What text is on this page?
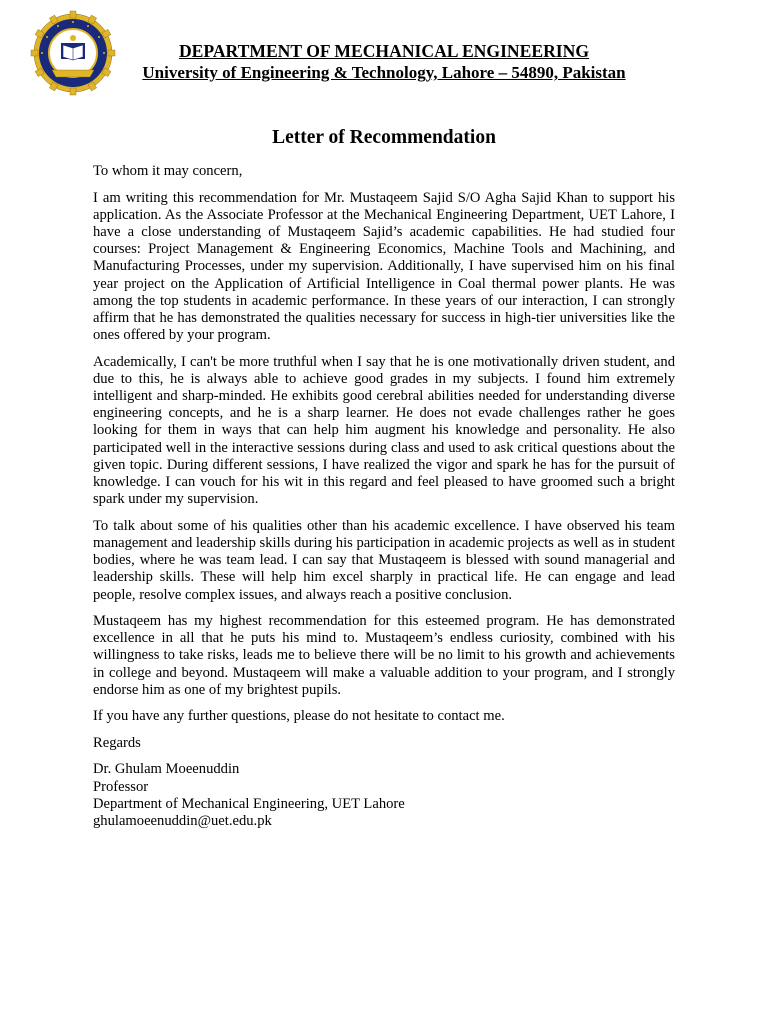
DEPARTMENT OF MECHANICAL ENGINEERING
University of Engineering & Technology, Lahore – 54890, Pakistan
Letter of Recommendation

To whom it may concern,

I am writing this recommendation for Mr. Mustaqeem Sajid S/O Agha Sajid Khan to support his application. As the Associate Professor at the Mechanical Engineering Department, UET Lahore, I have a close understanding of Mustaqeem Sajid’s academic capabilities. He had studied four courses: Project Management & Engineering Economics, Machine Tools and Machining, and Manufacturing Processes, under my supervision. Additionally, I have supervised him on his final year project on the Application of Artificial Intelligence in Coal thermal power plants. He was among the top students in academic performance. In these years of our interaction, I can strongly affirm that he has demonstrated the qualities necessary for success in high-tier universities like the ones offered by your program.

Academically, I can't be more truthful when I say that he is one motivationally driven student, and due to this, he is always able to achieve good grades in my subjects. I found him extremely intelligent and sharp-minded. He exhibits good cerebral abilities needed for understanding diverse engineering concepts, and he is a sharp learner. He does not evade challenges rather he goes looking for them in ways that can help him augment his knowledge and personality. He also participated well in the interactive sessions during class and used to ask critical questions about the given topic. During different sessions, I have realized the vigor and spark he has for the pursuit of knowledge. I can vouch for his wit in this regard and feel pleased to have groomed such a bright spark under my supervision.

To talk about some of his qualities other than his academic excellence. I have observed his team management and leadership skills during his participation in academic projects as well as in student bodies, where he was team lead. I can say that Mustaqeem is blessed with sound managerial and leadership skills. These will help him excel sharply in practical life. He can engage and lead people, resolve complex issues, and always reach a positive conclusion.

Mustaqeem has my highest recommendation for this esteemed program. He has demonstrated excellence in all that he puts his mind to. Mustaqeem’s endless curiosity, combined with his willingness to take risks, leads me to believe there will be no limit to his growth and achievements in college and beyond. Mustaqeem will make a valuable addition to your program, and I strongly endorse him as one of my brightest pupils.

If you have any further questions, please do not hesitate to contact me.

Regards

Dr. Ghulam Moeenuddin
Professor
Department of Mechanical Engineering, UET Lahore
ghulamoeenuddin@uet.edu.pk
